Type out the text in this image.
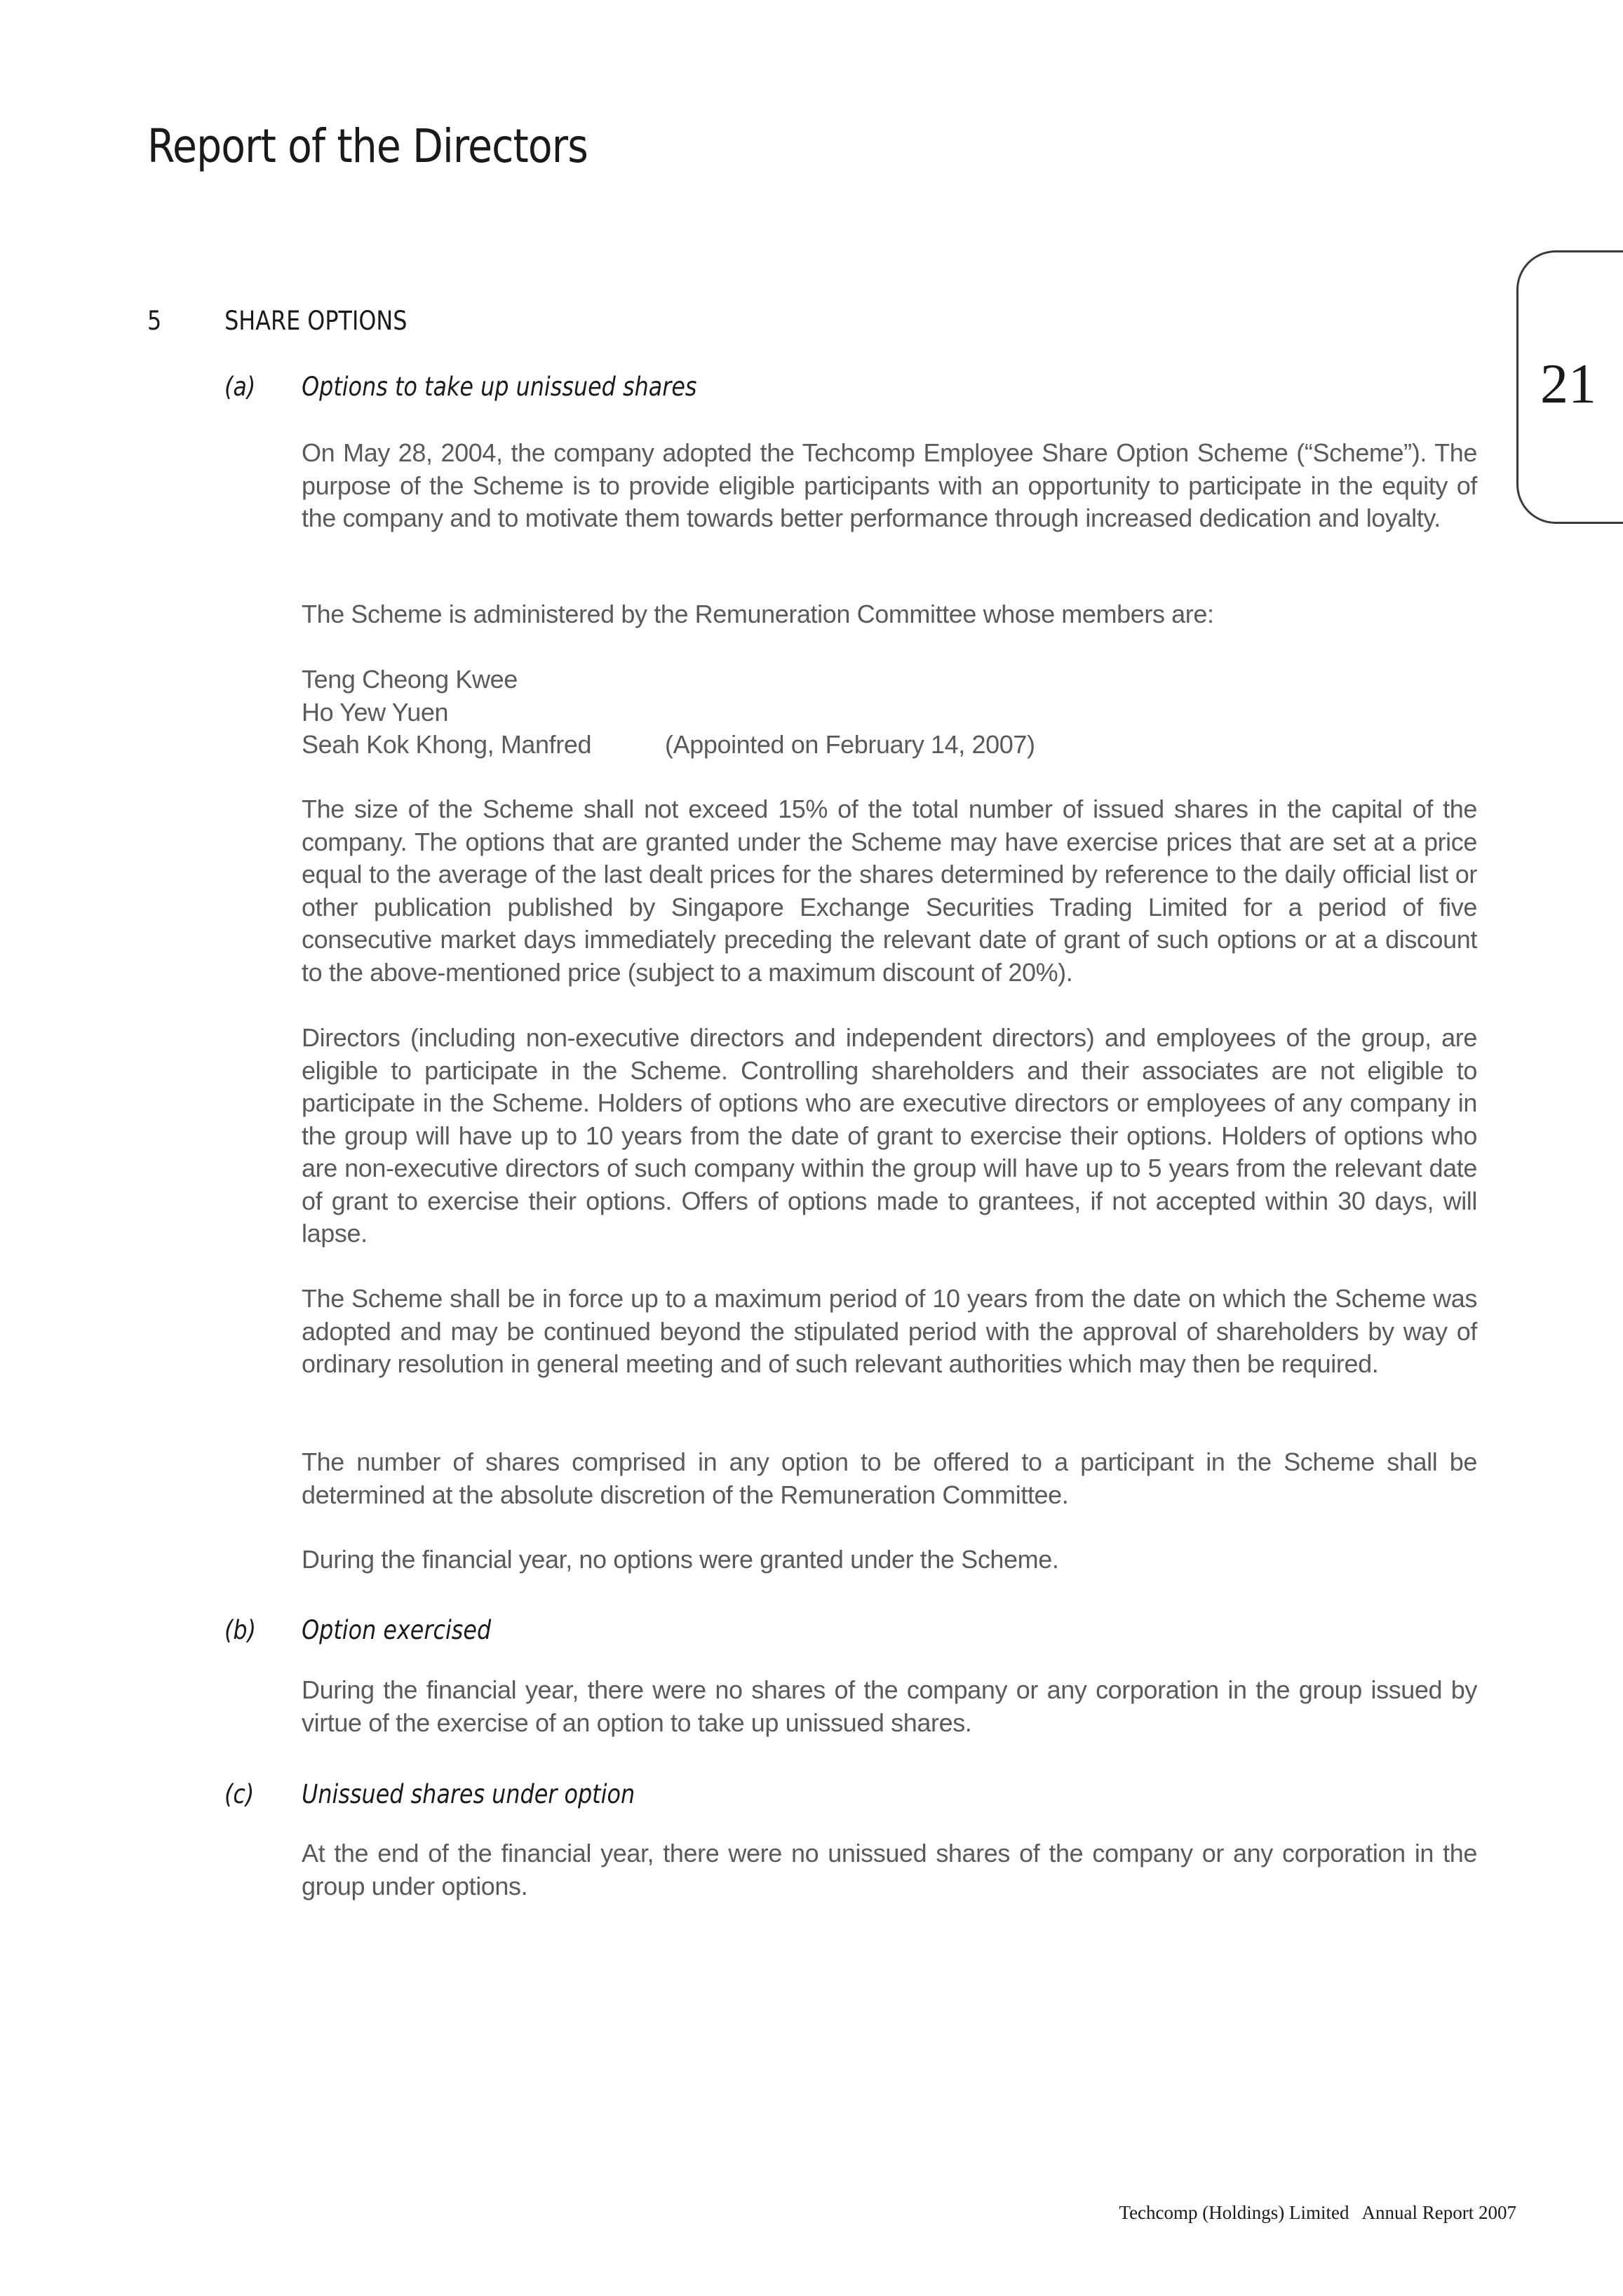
Report of the Directors
21
5 SHARE OPTIONS
(a) Options to take up unissued shares

On May 28, 2004, the company adopted the Techcomp Employee Share Option Scheme (“Scheme”). The purpose of the Scheme is to provide eligible participants with an opportunity to participate in the equity of the company and to motivate them towards better performance through increased dedication and loyalty.

The Scheme is administered by the Remuneration Committee whose members are:

Teng Cheong Kwee
Ho Yew Yuen
Seah Kok Khong, Manfred	(Appointed on February 14, 2007)

The size of the Scheme shall not exceed 15% of the total number of issued shares in the capital of the company. The options that are granted under the Scheme may have exercise prices that are set at a price equal to the average of the last dealt prices for the shares determined by reference to the daily official list or other publication published by Singapore Exchange Securities Trading Limited for a period of five consecutive market days immediately preceding the relevant date of grant of such options or at a discount to the above-mentioned price (subject to a maximum discount of 20%).

Directors (including non-executive directors and independent directors) and employees of the group, are eligible to participate in the Scheme. Controlling shareholders and their associates are not eligible to participate in the Scheme. Holders of options who are executive directors or employees of any company in the group will have up to 10 years from the date of grant to exercise their options. Holders of options who are non-executive directors of such company within the group will have up to 5 years from the relevant date of grant to exercise their options. Offers of options made to grantees, if not accepted within 30 days, will lapse.

The Scheme shall be in force up to a maximum period of 10 years from the date on which the Scheme was adopted and may be continued beyond the stipulated period with the approval of shareholders by way of ordinary resolution in general meeting and of such relevant authorities which may then be required.

The number of shares comprised in any option to be offered to a participant in the Scheme shall be determined at the absolute discretion of the Remuneration Committee.

During the financial year, no options were granted under the Scheme.

(b) Option exercised

During the financial year, there were no shares of the company or any corporation in the group issued by virtue of the exercise of an option to take up unissued shares.

(c) Unissued shares under option

At the end of the financial year, there were no unissued shares of the company or any corporation in the group under options.

Techcomp (Holdings) Limited Annual Report 2007
